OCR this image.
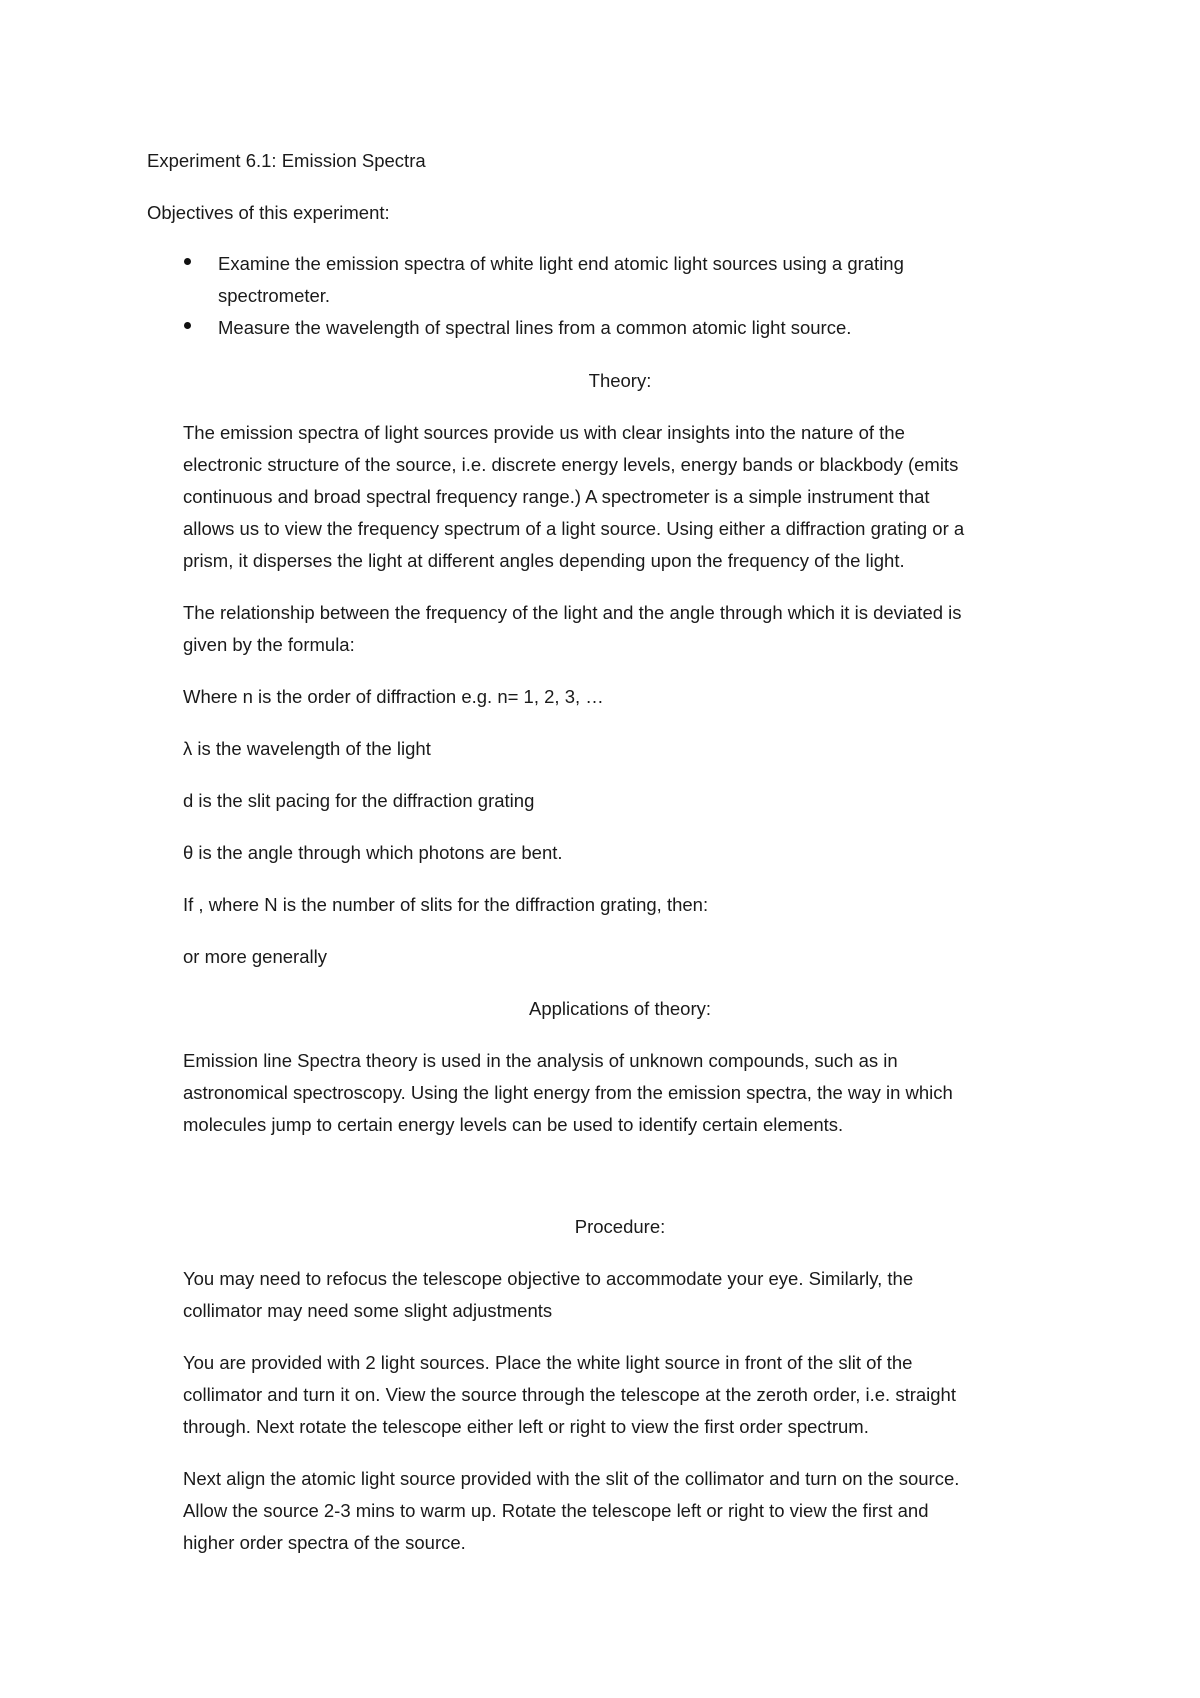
Experiment 6.1: Emission Spectra
Objectives of this experiment:
Examine the emission spectra of white light end atomic light sources using a grating
spectrometer.
Measure the wavelength of spectral lines from a common atomic light source.
Theory:
The emission spectra of light sources provide us with clear insights into the nature of the
electronic structure of the source, i.e. discrete energy levels, energy bands or blackbody (emits
continuous and broad spectral frequency range.) A spectrometer is a simple instrument that
allows us to view the frequency spectrum of a light source. Using either a diffraction grating or a
prism, it disperses the light at different angles depending upon the frequency of the light.
The relationship between the frequency of the light and the angle through which it is deviated is
given by the formula:
Where n is the order of diffraction e.g. n= 1, 2, 3, …
λ is the wavelength of the light
d is the slit pacing for the diffraction grating
θ is the angle through which photons are bent.
If , where N is the number of slits for the diffraction grating, then:
or more generally
Applications of theory:
Emission line Spectra theory is used in the analysis of unknown compounds, such as in
astronomical spectroscopy. Using the light energy from the emission spectra, the way in which
molecules jump to certain energy levels can be used to identify certain elements.
Procedure:
You may need to refocus the telescope objective to accommodate your eye. Similarly, the
collimator may need some slight adjustments
You are provided with 2 light sources. Place the white light source in front of the slit of the
collimator and turn it on. View the source through the telescope at the zeroth order, i.e. straight
through. Next rotate the telescope either left or right to view the first order spectrum.
Next align the atomic light source provided with the slit of the collimator and turn on the source.
Allow the source 2-3 mins to warm up. Rotate the telescope left or right to view the first and
higher order spectra of the source.
